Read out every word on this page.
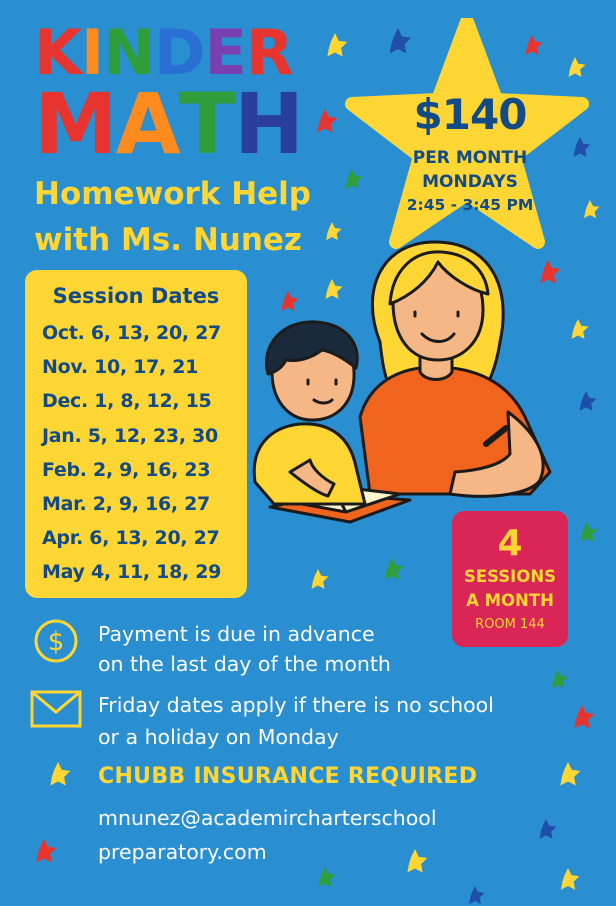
K I N D E R
M A T H
Homework Help
with Ms. Nunez
$140
PER MONTH
MONDAYS
2:45 - 3:45 PM
Session Dates
Oct. 6, 13, 20, 27
Nov. 10, 17, 21
Dec. 1, 8, 12, 15
Jan. 5, 12, 23, 30
Feb. 2, 9, 16, 23
Mar. 2, 9, 16, 27
Apr. 6, 13, 20, 27
May 4, 11, 18, 29
4
SESSIONS
A MONTH
ROOM 144
$ Payment is due in advance
on the last day of the month
Friday dates apply if there is no school
or a holiday on Monday
CHUBB INSURANCE REQUIRED
mnunez@academircharterschool
preparatory.com
